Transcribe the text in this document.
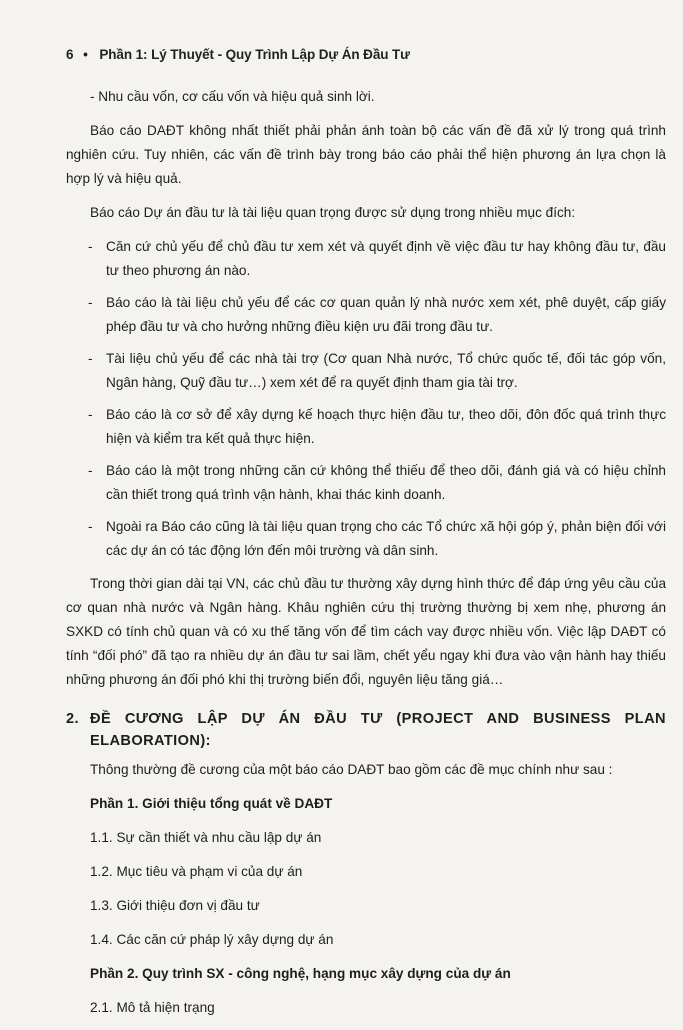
6 • Phần 1: Lý Thuyết - Quy Trình Lập Dự Án Đầu Tư

- Nhu cầu vốn, cơ cấu vốn và hiệu quả sinh lời.

Báo cáo DAĐT không nhất thiết phải phản ánh toàn bộ các vấn đề đã xử lý trong quá trình nghiên cứu. Tuy nhiên, các vấn đề trình bày trong báo cáo phải thể hiện phương án lựa chọn là hợp lý và hiệu quả.

Báo cáo Dự án đầu tư là tài liệu quan trọng được sử dụng trong nhiều mục đích:

- Căn cứ chủ yếu để chủ đầu tư xem xét và quyết định về việc đầu tư hay không đầu tư, đầu tư theo phương án nào.
- Báo cáo là tài liệu chủ yếu để các cơ quan quản lý nhà nước xem xét, phê duyệt, cấp giấy phép đầu tư và cho hưởng những điều kiện ưu đãi trong đầu tư.
- Tài liệu chủ yếu để các nhà tài trợ (Cơ quan Nhà nước, Tổ chức quốc tế, đối tác góp vốn, Ngân hàng, Quỹ đầu tư…) xem xét để ra quyết định tham gia tài trợ.
- Báo cáo là cơ sở để xây dựng kế hoạch thực hiện đầu tư, theo dõi, đôn đốc quá trình thực hiện và kiểm tra kết quả thực hiện.
- Báo cáo là một trong những căn cứ không thể thiếu để theo dõi, đánh giá và có hiệu chỉnh cần thiết trong quá trình vận hành, khai thác kinh doanh.
- Ngoài ra Báo cáo cũng là tài liệu quan trọng cho các Tổ chức xã hội góp ý, phản biện đối với các dự án có tác động lớn đến môi trường và dân sinh.

Trong thời gian dài tại VN, các chủ đầu tư thường xây dựng hình thức để đáp ứng yêu cầu của cơ quan nhà nước và Ngân hàng. Khâu nghiên cứu thị trường thường bị xem nhẹ, phương án SXKD có tính chủ quan và có xu thế tăng vốn để tìm cách vay được nhiều vốn. Việc lập DAĐT có tính “đối phó” đã tạo ra nhiều dự án đầu tư sai lầm, chết yểu ngay khi đưa vào vận hành hay thiếu những phương án đối phó khi thị trường biến đổi, nguyên liệu tăng giá…

2. ĐỀ CƯƠNG LẬP DỰ ÁN ĐẦU TƯ (PROJECT AND BUSINESS PLAN ELABORATION):

Thông thường đề cương của một báo cáo DAĐT bao gồm các đề mục chính như sau :

Phần 1. Giới thiệu tổng quát về DAĐT

1.1. Sự cần thiết và nhu cầu lập dự án

1.2. Mục tiêu và phạm vi của dự án

1.3. Giới thiệu đơn vị đầu tư

1.4. Các căn cứ pháp lý xây dựng dự án

Phần 2. Quy trình SX - công nghệ, hạng mục xây dựng của dự án

2.1. Mô tả hiện trạng
